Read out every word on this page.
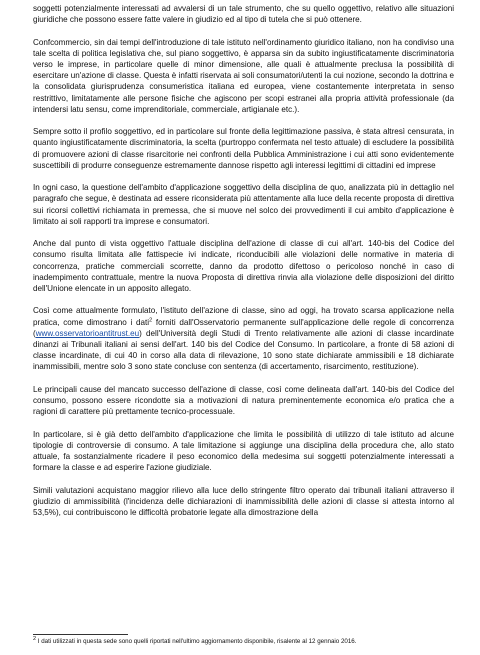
soggetti potenzialmente interessati ad avvalersi di un tale strumento, che su quello oggettivo, relativo alle situazioni giuridiche che possono essere fatte valere in giudizio ed al tipo di tutela che si può ottenere.

Confcommercio, sin dai tempi dell'introduzione di tale istituto nell'ordinamento giuridico italiano, non ha condiviso una tale scelta di politica legislativa che, sul piano soggettivo, è apparsa sin da subito ingiustificatamente discriminatoria verso le imprese, in particolare quelle di minor dimensione, alle quali è attualmente preclusa la possibilità di esercitare un'azione di classe. Questa è infatti riservata ai soli consumatori/utenti la cui nozione, secondo la dottrina e la consolidata giurisprudenza consumeristica italiana ed europea, viene costantemente interpretata in senso restrittivo, limitatamente alle persone fisiche che agiscono per scopi estranei alla propria attività professionale (da intendersi latu sensu, come imprenditoriale, commerciale, artigianale etc.).

Sempre sotto il profilo soggettivo, ed in particolare sul fronte della legittimazione passiva, è stata altresì censurata, in quanto ingiustificatamente discriminatoria, la scelta (purtroppo confermata nel testo attuale) di escludere la possibilità di promuovere azioni di classe risarcitorie nei confronti della Pubblica Amministrazione i cui atti sono evidentemente suscettibili di produrre conseguenze estremamente dannose rispetto agli interessi legittimi di cittadini ed imprese

In ogni caso, la questione dell'ambito d'applicazione soggettivo della disciplina de quo, analizzata più in dettaglio nel paragrafo che segue, è destinata ad essere riconsiderata più attentamente alla luce della recente proposta di direttiva sui ricorsi collettivi richiamata in premessa, che si muove nel solco dei provvedimenti il cui ambito d'applicazione è limitato ai soli rapporti tra imprese e consumatori.

Anche dal punto di vista oggettivo l'attuale disciplina dell'azione di classe di cui all'art. 140-bis del Codice del consumo risulta limitata alle fattispecie ivi indicate, riconducibili alle violazioni delle normative in materia di concorrenza, pratiche commerciali scorrette, danno da prodotto difettoso o pericoloso nonché in caso di inadempimento contrattuale, mentre la nuova Proposta di direttiva rinvia alla violazione delle disposizioni del diritto dell'Unione elencate in un apposito allegato.

Così come attualmente formulato, l'istituto dell'azione di classe, sino ad oggi, ha trovato scarsa applicazione nella pratica, come dimostrano i dati$^2$ forniti dall'Osservatorio permanente sull'applicazione delle regole di concorrenza (www.osservatorioantitrust.eu) dell'Università degli Studi di Trento relativamente alle azioni di classe incardinate dinanzi ai Tribunali italiani ai sensi dell'art. 140 bis del Codice del Consumo. In particolare, a fronte di 58 azioni di classe incardinate, di cui 40 in corso alla data di rilevazione, 10 sono state dichiarate ammissibili e 18 dichiarate inammissibili, mentre solo 3 sono state concluse con sentenza (di accertamento, risarcimento, restituzione).

Le principali cause del mancato successo dell'azione di classe, così come delineata dall'art. 140-bis del Codice del consumo, possono essere ricondotte sia a motivazioni di natura preminentemente economica e/o pratica che a ragioni di carattere più prettamente tecnico-processuale.

In particolare, si è già detto dell'ambito d'applicazione che limita le possibilità di utilizzo di tale istituto ad alcune tipologie di controversie di consumo. A tale limitazione si aggiunge una disciplina della procedura che, allo stato attuale, fa sostanzialmente ricadere il peso economico della medesima sui soggetti potenzialmente interessati a formare la classe e ad esperire l'azione giudiziale.

Simili valutazioni acquistano maggior rilievo alla luce dello stringente filtro operato dai tribunali italiani attraverso il giudizio di ammissibilità (l'incidenza delle dichiarazioni di inammissibilità delle azioni di classe si attesta intorno al 53,5%), cui contribuiscono le difficoltà probatorie legate alla dimostrazione della

$^2$ I dati utilizzati in questa sede sono quelli riportati nell'ultimo aggiornamento disponibile, risalente al 12 gennaio 2016.
